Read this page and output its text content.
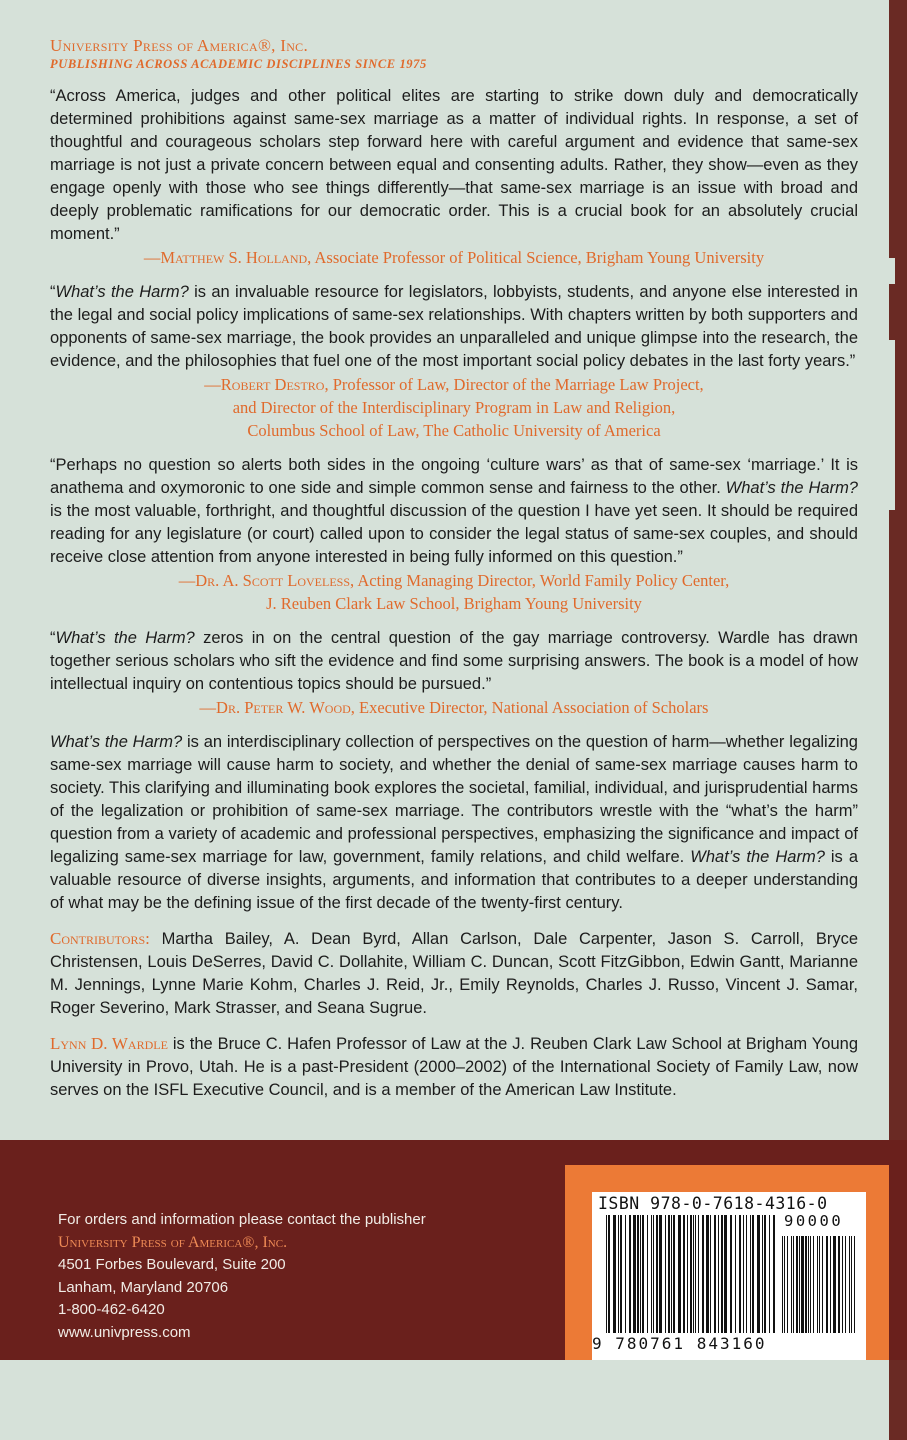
University Press of America®, Inc.
PUBLISHING ACROSS ACADEMIC DISCIPLINES SINCE 1975

“Across America, judges and other political elites are starting to strike down duly and democratically determined prohibitions against same-sex marriage as a matter of individual rights. In response, a set of thoughtful and courageous scholars step forward here with careful argument and evidence that same-sex marriage is not just a private concern between equal and consenting adults. Rather, they show—even as they engage openly with those who see things differently—that same-sex marriage is an issue with broad and deeply problematic ramifications for our democratic order. This is a crucial book for an absolutely crucial moment.”

—Matthew S. Holland, Associate Professor of Political Science, Brigham Young University

“What’s the Harm? is an invaluable resource for legislators, lobbyists, students, and anyone else interested in the legal and social policy implications of same-sex relationships. With chapters written by both supporters and opponents of same-sex marriage, the book provides an unparalleled and unique glimpse into the research, the evidence, and the philosophies that fuel one of the most important social policy debates in the last forty years.”

—Robert Destro, Professor of Law, Director of the Marriage Law Project,

and Director of the Interdisciplinary Program in Law and Religion,

Columbus School of Law, The Catholic University of America

“Perhaps no question so alerts both sides in the ongoing ‘culture wars’ as that of same-sex ‘marriage.’ It is anathema and oxymoronic to one side and simple common sense and fairness to the other. What’s the Harm? is the most valuable, forthright, and thoughtful discussion of the question I have yet seen. It should be required reading for any legislature (or court) called upon to consider the legal status of same-sex couples, and should receive close attention from anyone interested in being fully informed on this question.”

—Dr. A. Scott Loveless, Acting Managing Director, World Family Policy Center,

J. Reuben Clark Law School, Brigham Young University

“What’s the Harm? zeros in on the central question of the gay marriage controversy. Wardle has drawn together serious scholars who sift the evidence and find some surprising answers. The book is a model of how intellectual inquiry on contentious topics should be pursued.”

—Dr. Peter W. Wood, Executive Director, National Association of Scholars

What’s the Harm? is an interdisciplinary collection of perspectives on the question of harm—whether legalizing same-sex marriage will cause harm to society, and whether the denial of same-sex marriage causes harm to society. This clarifying and illuminating book explores the societal, familial, individual, and jurisprudential harms of the legalization or prohibition of same-sex marriage. The contributors wrestle with the “what’s the harm” question from a variety of academic and professional perspectives, emphasizing the significance and impact of legalizing same-sex marriage for law, government, family relations, and child welfare. What’s the Harm? is a valuable resource of diverse insights, arguments, and information that contributes to a deeper understanding of what may be the defining issue of the first decade of the twenty-first century.

Contributors: Martha Bailey, A. Dean Byrd, Allan Carlson, Dale Carpenter, Jason S. Carroll, Bryce Christensen, Louis DeSerres, David C. Dollahite, William C. Duncan, Scott FitzGibbon, Edwin Gantt, Marianne M. Jennings, Lynne Marie Kohm, Charles J. Reid, Jr., Emily Reynolds, Charles J. Russo, Vincent J. Samar, Roger Severino, Mark Strasser, and Seana Sugrue.

Lynn D. Wardle is the Bruce C. Hafen Professor of Law at the J. Reuben Clark Law School at Brigham Young University in Provo, Utah. He is a past-President (2000–2002) of the International Society of Family Law, now serves on the ISFL Executive Council, and is a member of the American Law Institute.

For orders and information please contact the publisher
University Press of America®, Inc.
4501 Forbes Boulevard, Suite 200
Lanham, Maryland 20706
1-800-462-6420
www.univpress.com
ISBN 978-0-7618-4316-0
90000
9 780761 843160
